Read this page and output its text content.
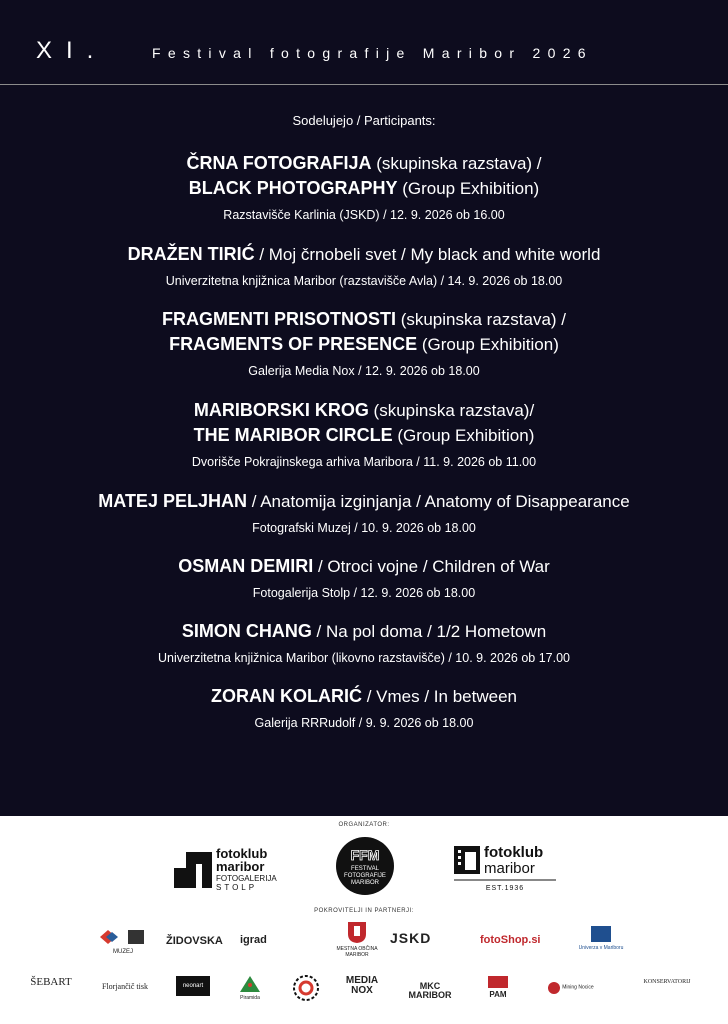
XI.	Festival fotografije Maribor 2026
Sodelujejo / Participants:
ČRNA FOTOGRAFIJA (skupinska razstava) /
BLACK PHOTOGRAPHY (Group Exhibition)
Razstavišče Karlinia (JSKD) / 12. 9. 2026 ob 16.00
DRAŽEN TIRIĆ / Moj črnobeli svet / My black and white world
Univerzitetna knjižnica Maribor (razstavišče Avla) / 14. 9. 2026 ob 18.00
FRAGMENTI PRISOTNOSTI (skupinska razstava) /
FRAGMENTS OF PRESENCE (Group Exhibition)
Galerija Media Nox / 12. 9. 2026 ob 18.00
MARIBORSKI KROG (skupinska razstava)/
THE MARIBOR CIRCLE (Group Exhibition)
Dvorišče Pokrajinskega arhiva Maribora / 11. 9. 2026 ob 11.00
MATEJ PELJHAN / Anatomija izginjanja / Anatomy of Disappearance
Fotografski Muzej / 10. 9. 2026 ob 18.00
OSMAN DEMIRI / Otroci vojne / Children of War
Fotogalerija Stolp / 12. 9. 2026 ob 18.00
SIMON CHANG / Na pol doma / 1/2 Hometown
Univerzitetna knjižnica Maribor (likovno razstavišče) / 10. 9. 2026 ob 17.00
ZORAN KOLARIĆ / Vmes / In between
Galerija RRRudolf / 9. 9. 2026 ob 18.00
ORGANIZATOR:
fotoklub
maribor
FOTOGALERIJA
STOLP
FFM
FESTIVAL
FOTOGRAFIJE
MARIBOR
fotoklub
maribor
EST.1936
POKROVITELJI IN PARTNERJI:
MUZEJ

ŽIDOVSKA igrad
MESTNA OBČINA MARIBOR
JSKD	fotoShop.si
Univerza v Mariboru
ŠEBART	Florjančič tisk	neonart
Piramida
MEDIA NOX	MKC MARIBOR	PAM
Mining Nocice
KONSERVATORIJ
